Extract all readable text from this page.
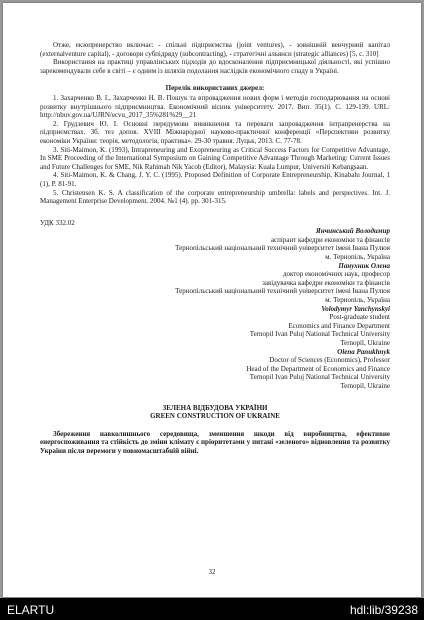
Отже, екзопренерство включає: - спільні підприємства (joint ventures), - зовнішній венчурний капітал (externalventure capital), - договори субпідряду (subcontracting), - стратегічні альянси (strategic alliances) [5, с. 310]

Використання на практиці управлінських підходів до вдосконалення підприємницької діяльності, які успішно зарекомендували себе в світі – є одним із шляхів подолання наслідків економічного спаду в Україні.

Перелік використаних джерел:

1. Захарченко В. І., Захарченко Н. В. Пошук та впровадження нових форм і методів господарювання на основі розвитку внутрішнього підприємництва. Економічний вісник університету. 2017. Вип. 35(1). С. 129-139. URL: http://nbuv.gov.ua/UJRN/ecvu_2017_35%281%29__21

2. Грудзевич Ю. І. Основні передумови виникнення та переваги запровадження інтрапренерства на підприємствах. Зб. тез допов. XVIII Міжнародної науково-практичної конференції «Перспективи розвитку економіки України: теорія, методологія, практика». 29-30 травня. Луцьк, 2013. С. 77-78.

3. Siti-Maimon, K. (1993), Intrapreneuring and Exopreneuring as Critical Success Factors for Competitive Advantage, In SME Proceeding of the International Symposium on Gaining Competitive Advantage Through Marketing: Current Issues and Future Challenges for SME, Nik Rahimah Nik Yacob (Editor), Malaysia: Kuala Lumpur, Universiti Kebangsaan.

4. Siti-Maimon, K. & Chang, J. Y. C. (1995). Proposed Definition of Corporate Entrepreneurship, Kinabalu Journal, 1 (1), P. 81-91.

5. Christensen K. S. A classification of the corporate entrepreneurship umbrella: labels and perspectives. Int. J. Management Enterprise Development. 2004. №1 (4). pp. 301-315.

УДК 332.02

Янчинський Володимир

аспірант кафедри економіки та фінансів

Тернопільський національний технічний університет імені Івана Пулюя

м. Тернопіль, Україна

Панухник Олена

доктор економічних наук, професор

завідувачка кафедри економіки та фінансів

Тернопільський національний технічний університет імені Івана Пулюя

м. Тернопіль, Україна

Volodymyr Yanchynskyi

Post-graduate student

Economics and Finance Department

Ternopil Ivan Puluj National Technical University

Ternopil, Ukraine

Olena Panukhnyk

Doctor of Sciences (Economics), Professor

Head of the Department of Economics and Finance

Ternopil Ivan Puluj National Technical University

Ternopil, Ukraine

ЗЕЛЕНА ВІДБУДОВА УКРАЇНИ

GREEN CONSTRUCTION OF UKRAINE

Збереження навколишнього середовища, зменшення шкоди від виробництва, ефективне енергоспоживання та стійкість до зміни клімату є пріоритетами у питані «зеленого» відновлення та розвитку України після перемоги у повномасштабній війні.

32
ELARTU	hdl:lib/39238
